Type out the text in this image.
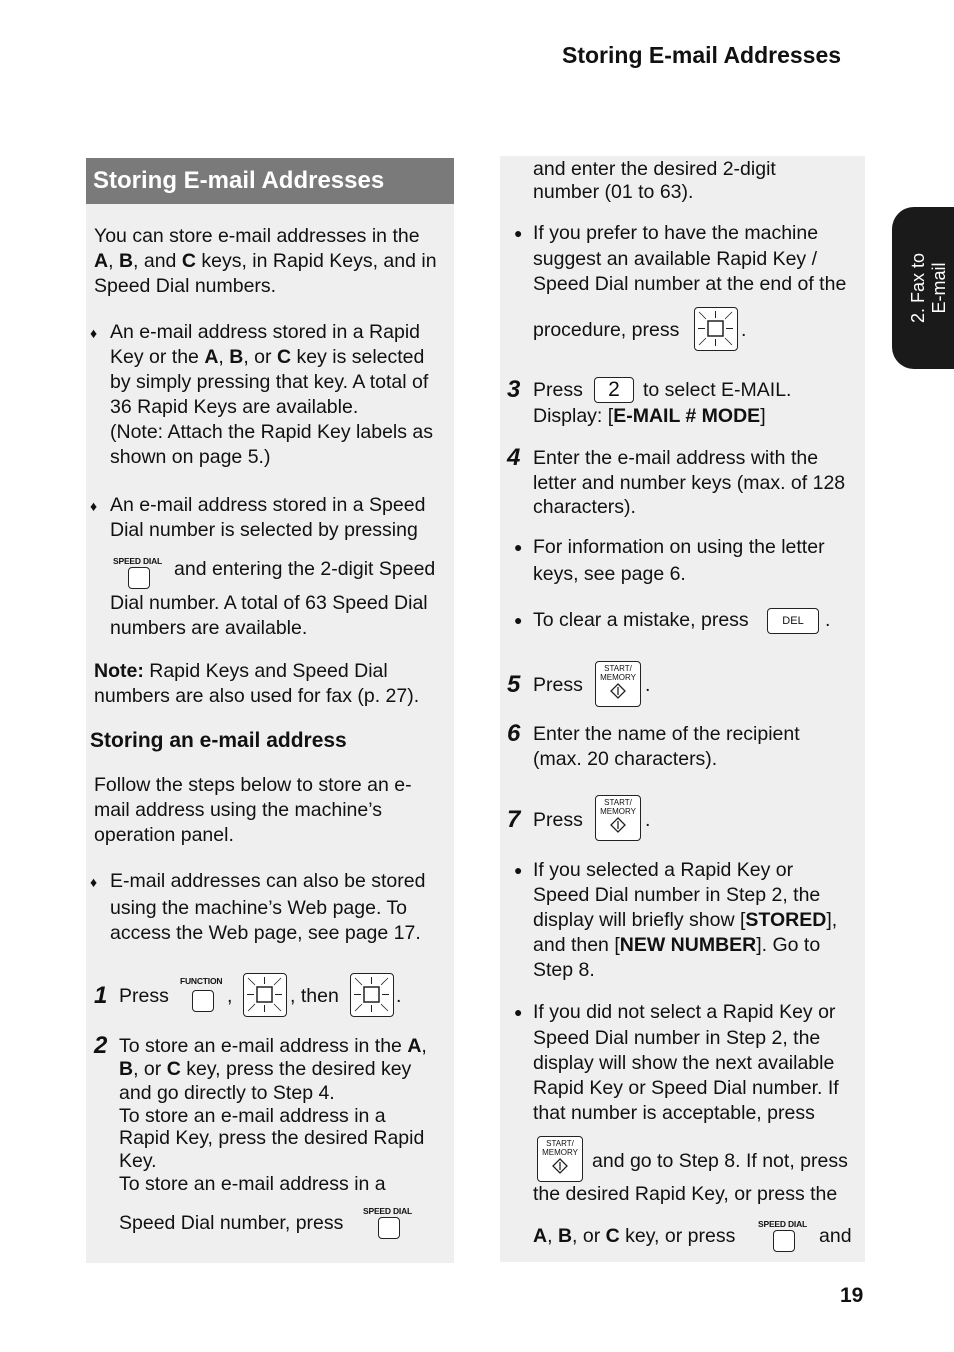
Storing E-mail Addresses
19
2. Fax to E-mail
Storing E-mail Addresses
You can store e-mail addresses in the
A, B, and C keys, in Rapid Keys, and in
Speed Dial numbers.
♦ An e-mail address stored in a Rapid
Key or the A, B, or C key is selected
by simply pressing that key. A total of
36 Rapid Keys are available.
(Note: Attach the Rapid Key labels as
shown on page 5.)
♦ An e-mail address stored in a Speed
Dial number is selected by pressing
SPEED DIAL and entering the 2-digit Speed
Dial number. A total of 63 Speed Dial
numbers are available.
Note: Rapid Keys and Speed Dial
numbers are also used for fax (p. 27).
Storing an e-mail address
Follow the steps below to store an e-
mail address using the machine’s
operation panel.
♦ E-mail addresses can also be stored
using the machine’s Web page. To
access the Web page, see page 17.
1 Press
FUNCTION
,	, then	.
2 To store an e-mail address in the A,
B, or C key, press the desired key
and go directly to Step 4.
To store an e-mail address in a
Rapid Key, press the desired Rapid
Key.
To store an e-mail address in a
Speed Dial number, press
SPEED DIAL
and enter the desired 2-digit
number (01 to 63).
● If you prefer to have the machine
suggest an available Rapid Key /
Speed Dial number at the end of the
procedure, press	.
3 Press	2	to select E-MAIL.
Display: [E-MAIL # MODE]
4 Enter the e-mail address with the
letter and number keys (max. of 128
characters).
● For information on using the letter
keys, see page 6.
● To clear a mistake, press	DEL	.
5 Press
START/
MEMORY .
6 Enter the name of the recipient
(max. 20 characters).
7 Press
START/
MEMORY .
● If you selected a Rapid Key or
Speed Dial number in Step 2, the
display will briefly show [STORED],
and then [NEW NUMBER]. Go to
Step 8.
● If you did not select a Rapid Key or
Speed Dial number in Step 2, the
display will show the next available
Rapid Key or Speed Dial number. If
that number is acceptable, press
START/
MEMORY and go to Step 8. If not, press
the desired Rapid Key, or press the
A, B, or C key, or press
SPEED DIAL
and
